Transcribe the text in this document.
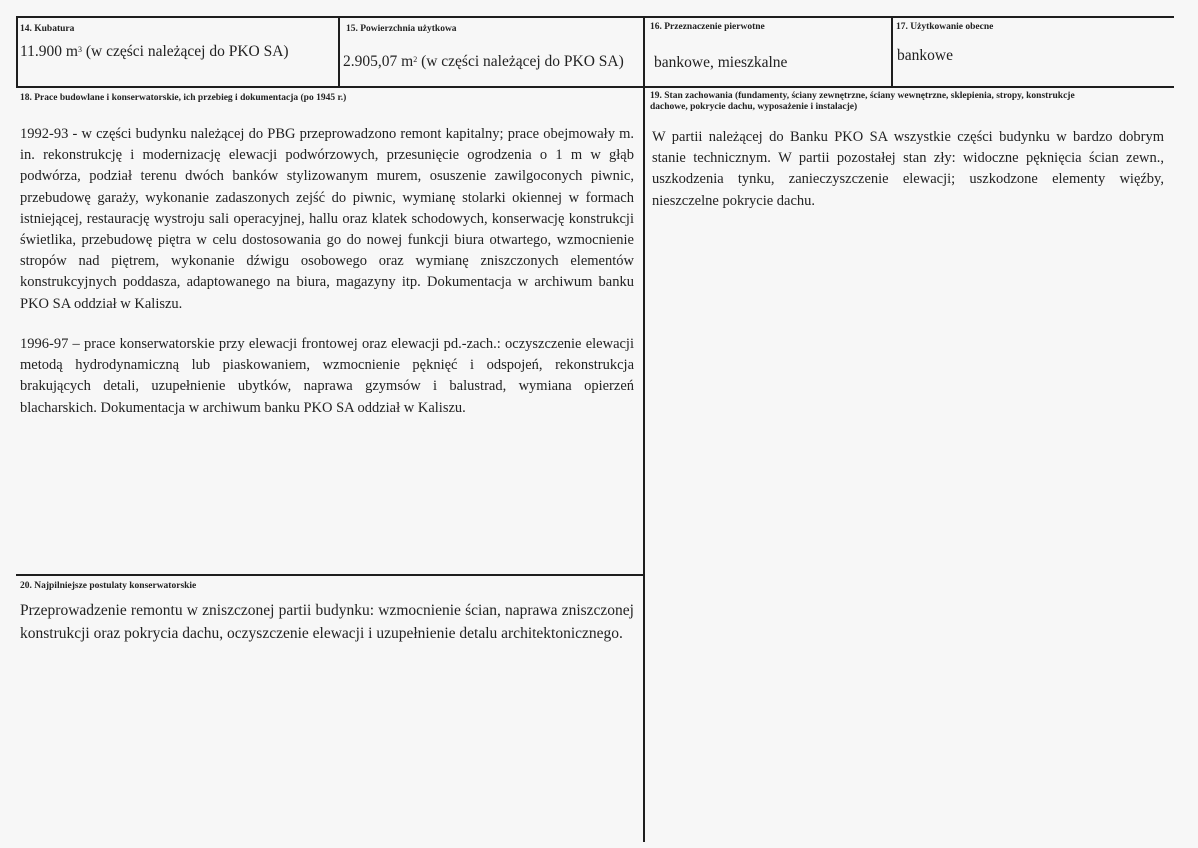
14. Kubatura
11.900 $m^3$ (w części należącej do PKO SA)
15. Powierzchnia użytkowa
2.905,07 $m^2$ (w części należącej do PKO SA)
16. Przeznaczenie pierwotne
bankowe, mieszkalne
17. Użytkowanie obecne
bankowe
18. Prace budowlane i konserwatorskie, ich przebieg i dokumentacja (po 1945 r.)
1992-93 - w części budynku należącej do PBG przeprowadzono remont kapitalny; prace obejmowały m. in. rekonstrukcję i modernizację elewacji podwórzowych, przesunięcie ogrodzenia o 1 m w głąb podwórza, podział terenu dwóch banków stylizowanym murem, osuszenie zawilgoconych piwnic, przebudowę garaży, wykonanie zadaszonych zejść do piwnic, wymianę stolarki okiennej w formach istniejącej, restaurację wystroju sali operacyjnej, hallu oraz klatek schodowych, konserwację konstrukcji świetlika, przebudowę piętra w celu dostosowania go do nowej funkcji biura otwartego, wzmocnienie stropów nad piętrem, wykonanie dźwigu osobowego oraz wymianę zniszczonych elementów konstrukcyjnych poddasza, adaptowanego na biura, magazyny itp. Dokumentacja w archiwum banku PKO SA oddział w Kaliszu.
1996-97 – prace konserwatorskie przy elewacji frontowej oraz elewacji pd.-zach.: oczyszczenie elewacji metodą hydrodynamiczną lub piaskowaniem, wzmocnienie pęknięć i odspojeń, rekonstrukcja brakujących detali, uzupełnienie ubytków, naprawa gzymsów i balustrad, wymiana opierzeń blacharskich. Dokumentacja w archiwum banku PKO SA oddział w Kaliszu.
19. Stan zachowania (fundamenty, ściany zewnętrzne, ściany wewnętrzne, sklepienia, stropy, konstrukcje
dachowe, pokrycie dachu, wyposażenie i instalacje)
W partii należącej do Banku PKO SA wszystkie części budynku w bardzo dobrym stanie technicznym. W partii pozostałej stan zły: widoczne pęknięcia ścian zewn., uszkodzenia tynku, zanieczyszczenie elewacji; uszkodzone elementy więźby, nieszczelne pokrycie dachu.
20. Najpilniejsze postulaty konserwatorskie
Przeprowadzenie remontu w zniszczonej partii budynku: wzmocnienie ścian, naprawa zniszczonej konstrukcji oraz pokrycia dachu, oczyszczenie elewacji i uzupełnienie detalu architektonicznego.
